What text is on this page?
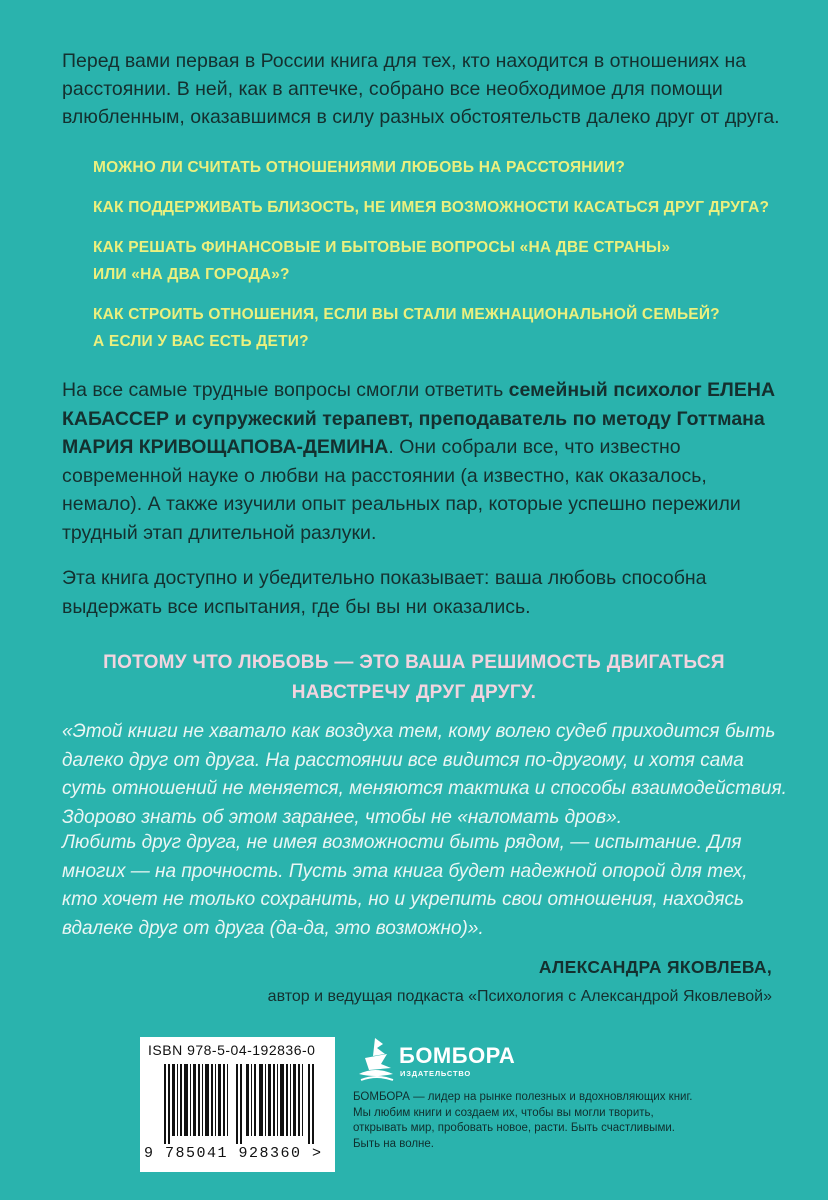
Перед вами первая в России книга для тех, кто находится в отношениях на расстоянии. В ней, как в аптечке, собрано все необходимое для помощи влюбленным, оказавшимся в силу разных обстоятельств далеко друг от друга.

МОЖНО ЛИ СЧИТАТЬ ОТНОШЕНИЯМИ ЛЮБОВЬ НА РАССТОЯНИИ?
КАК ПОДДЕРЖИВАТЬ БЛИЗОСТЬ, НЕ ИМЕЯ ВОЗМОЖНОСТИ КАСАТЬСЯ ДРУГ ДРУГА?
КАК РЕШАТЬ ФИНАНСОВЫЕ И БЫТОВЫЕ ВОПРОСЫ «НА ДВЕ СТРАНЫ»
ИЛИ «НА ДВА ГОРОДА»?
КАК СТРОИТЬ ОТНОШЕНИЯ, ЕСЛИ ВЫ СТАЛИ МЕЖНАЦИОНАЛЬНОЙ СЕМЬЕЙ?
А ЕСЛИ У ВАС ЕСТЬ ДЕТИ?

На все самые трудные вопросы смогли ответить семейный психолог ЕЛЕНА КАБАССЕР и супружеский терапевт, преподаватель по методу Готтмана МАРИЯ КРИВОЩАПОВА-ДЕМИНА. Они собрали все, что известно современной науке о любви на расстоянии (а известно, как оказалось, немало). А также изучили опыт реальных пар, которые успешно пережили трудный этап длительной разлуки.

Эта книга доступно и убедительно показывает: ваша любовь способна выдержать все испытания, где бы вы ни оказались.

ПОТОМУ ЧТО ЛЮБОВЬ — ЭТО ВАША РЕШИМОСТЬ ДВИГАТЬСЯ
НАВСТРЕЧУ ДРУГ ДРУГУ.

«Этой книги не хватало как воздуха тем, кому волею судеб приходится быть далеко друг от друга. На расстоянии все видится по-другому, и хотя сама суть отношений не меняется, меняются тактика и способы взаимодействия. Здорово знать об этом заранее, чтобы не «наломать дров».

Любить друг друга, не имея возможности быть рядом, — испытание. Для многих — на прочность. Пусть эта книга будет надежной опорой для тех, кто хочет не только сохранить, но и укрепить свои отношения, находясь вдалеке друг от друга (да-да, это возможно)».

АЛЕКСАНДРА ЯКОВЛЕВА,

автор и ведущая подкаста «Психология с Александрой Яковлевой»

ISBN 978-5-04-192836-0

9 785041 928360 >

БОМБОРА

ИЗДАТЕЛЬСТВО

БОМБОРА — лидер на рынке полезных и вдохновляющих книг. Мы любим книги и создаем их, чтобы вы могли творить, открывать мир, пробовать новое, расти. Быть счастливыми. Быть на волне.
